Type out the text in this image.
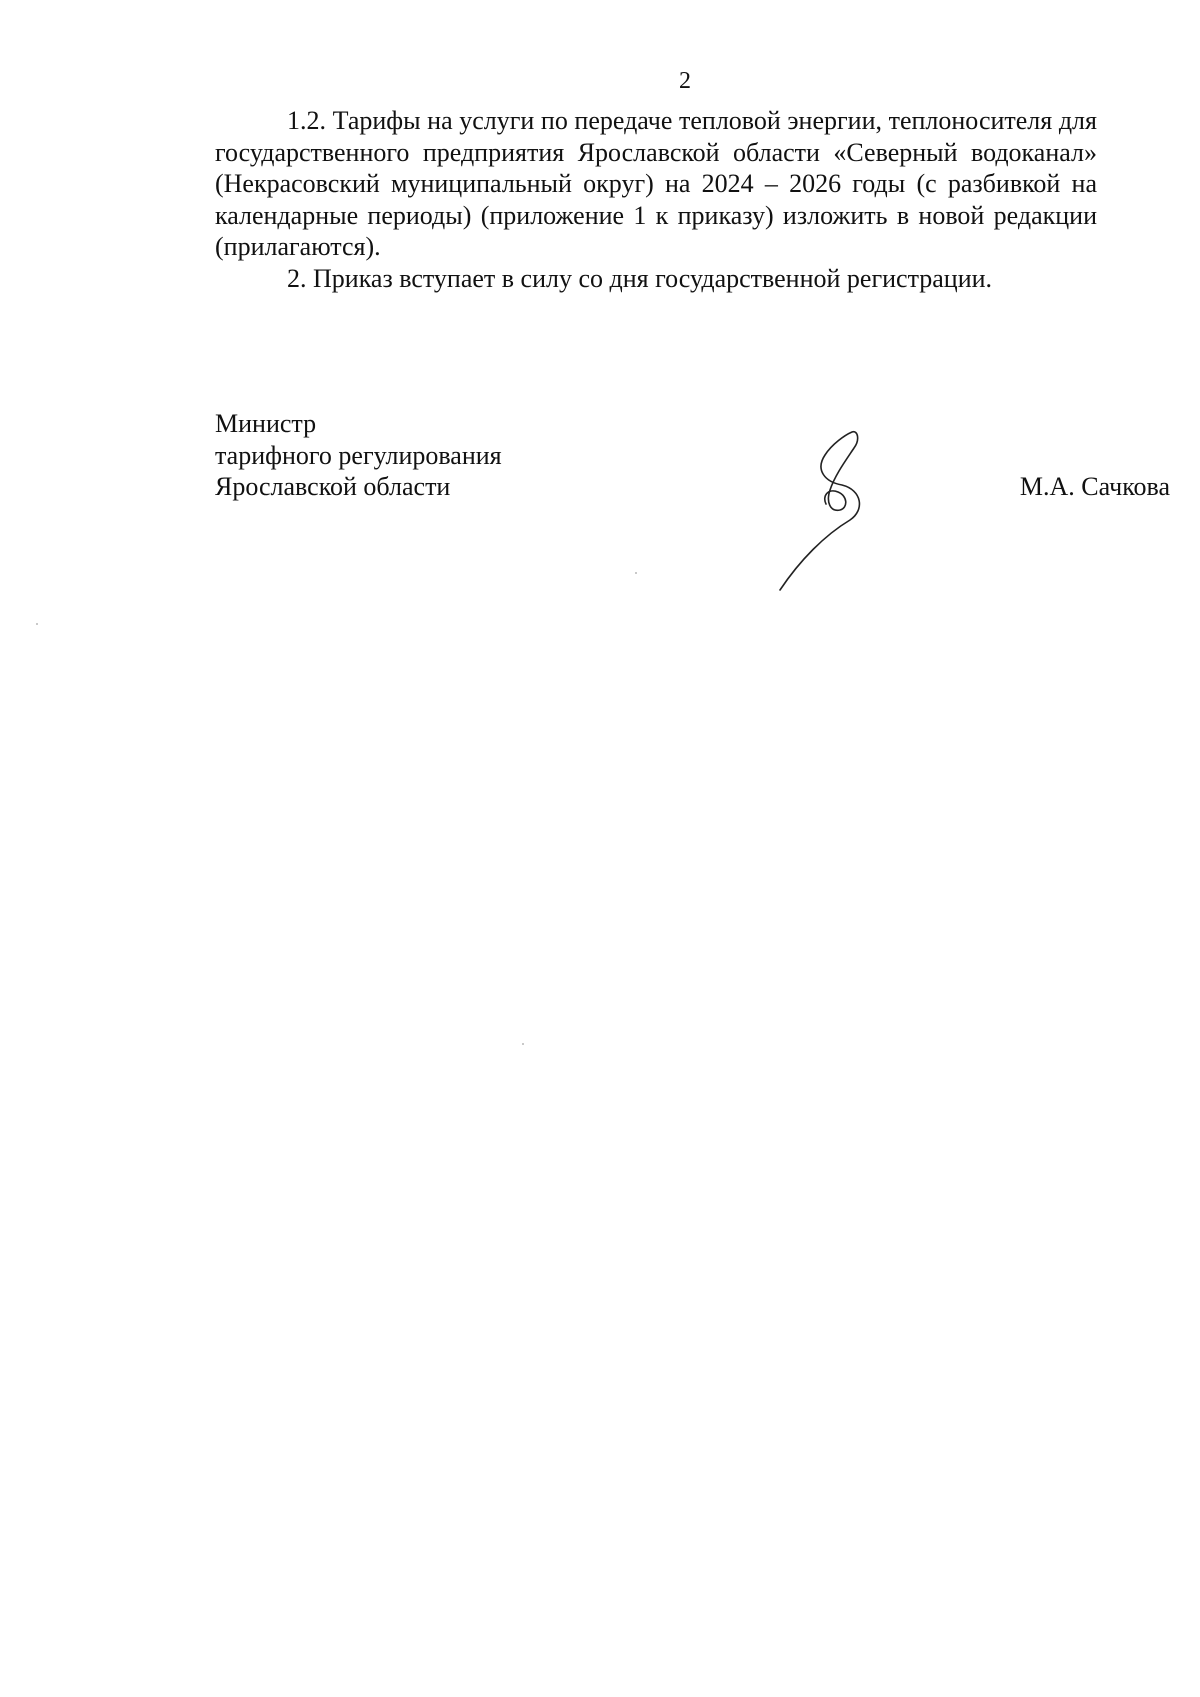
2

1.2. Тарифы на услуги по передаче тепловой энергии, теплоносителя для государственного предприятия Ярославской области «Северный водоканал» (Некрасовский муниципальный округ) на 2024 – 2026 годы (с разбивкой на календарные периоды) (приложение 1 к приказу) изложить в новой редакции (прилагаются).

2. Приказ вступает в силу со дня государственной регистрации.

Министр
тарифного регулирования
Ярославской области	М.А. Сачкова
